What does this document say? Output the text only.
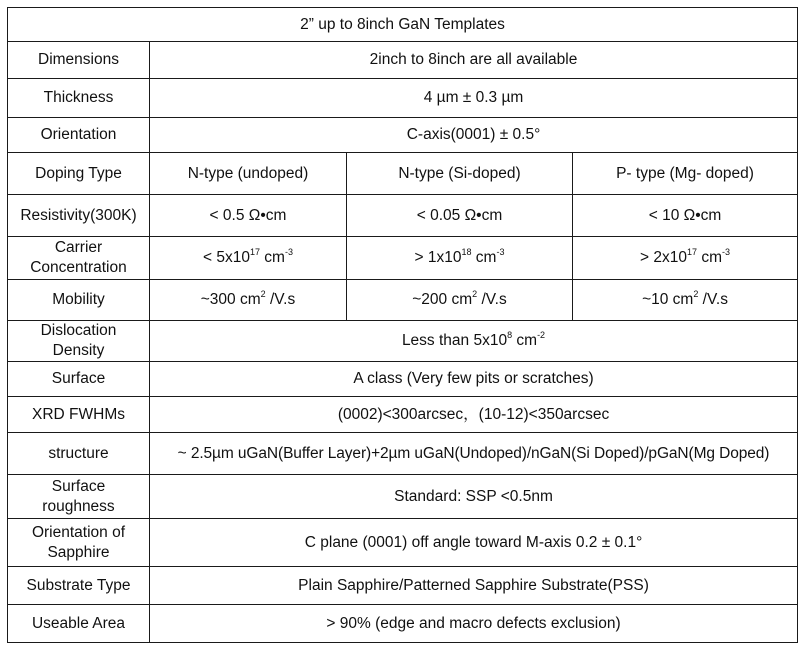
2” up to 8inch GaN Templates			
Dimensions	2inch to 8inch are all available		
Thickness	4 µm ± 0.3 µm		
Orientation	C-axis(0001) ± 0.5°		
Doping Type	N-type (undoped)	N-type (Si-doped)	P- type (Mg- doped)
Resistivity(300K)	< 0.5 Ω•cm	< 0.05 Ω•cm	< 10 Ω•cm
Carrier
Concentration	< $5x10^{17}$ $cm^{-3}$	> $1x10^{18}$ $cm^{-3}$	> $2x10^{17}$ $cm^{-3}$
Mobility	~300 $cm^2$ /V.s	~200 $cm^2$ /V.s	~10 $cm^2$ /V.s
Dislocation
Density	Less than $5x10^8$ $cm^{-2}$
Surface	A class (Very few pits or scratches)		
XRD FWHMs	(0002)<300arcsec，(10-12)<350arcsec		
structure	~ 2.5µm uGaN(Buffer Layer)+2µm uGaN(Undoped)/nGaN(Si Doped)/pGaN(Mg Doped)		
Surface
roughness	Standard: SSP <0.5nm		
Orientation of
Sapphire	C plane (0001) off angle toward M-axis 0.2 ± 0.1°		
Substrate Type	Plain Sapphire/Patterned Sapphire Substrate(PSS)		
Useable Area	> 90% (edge and macro defects exclusion)		
